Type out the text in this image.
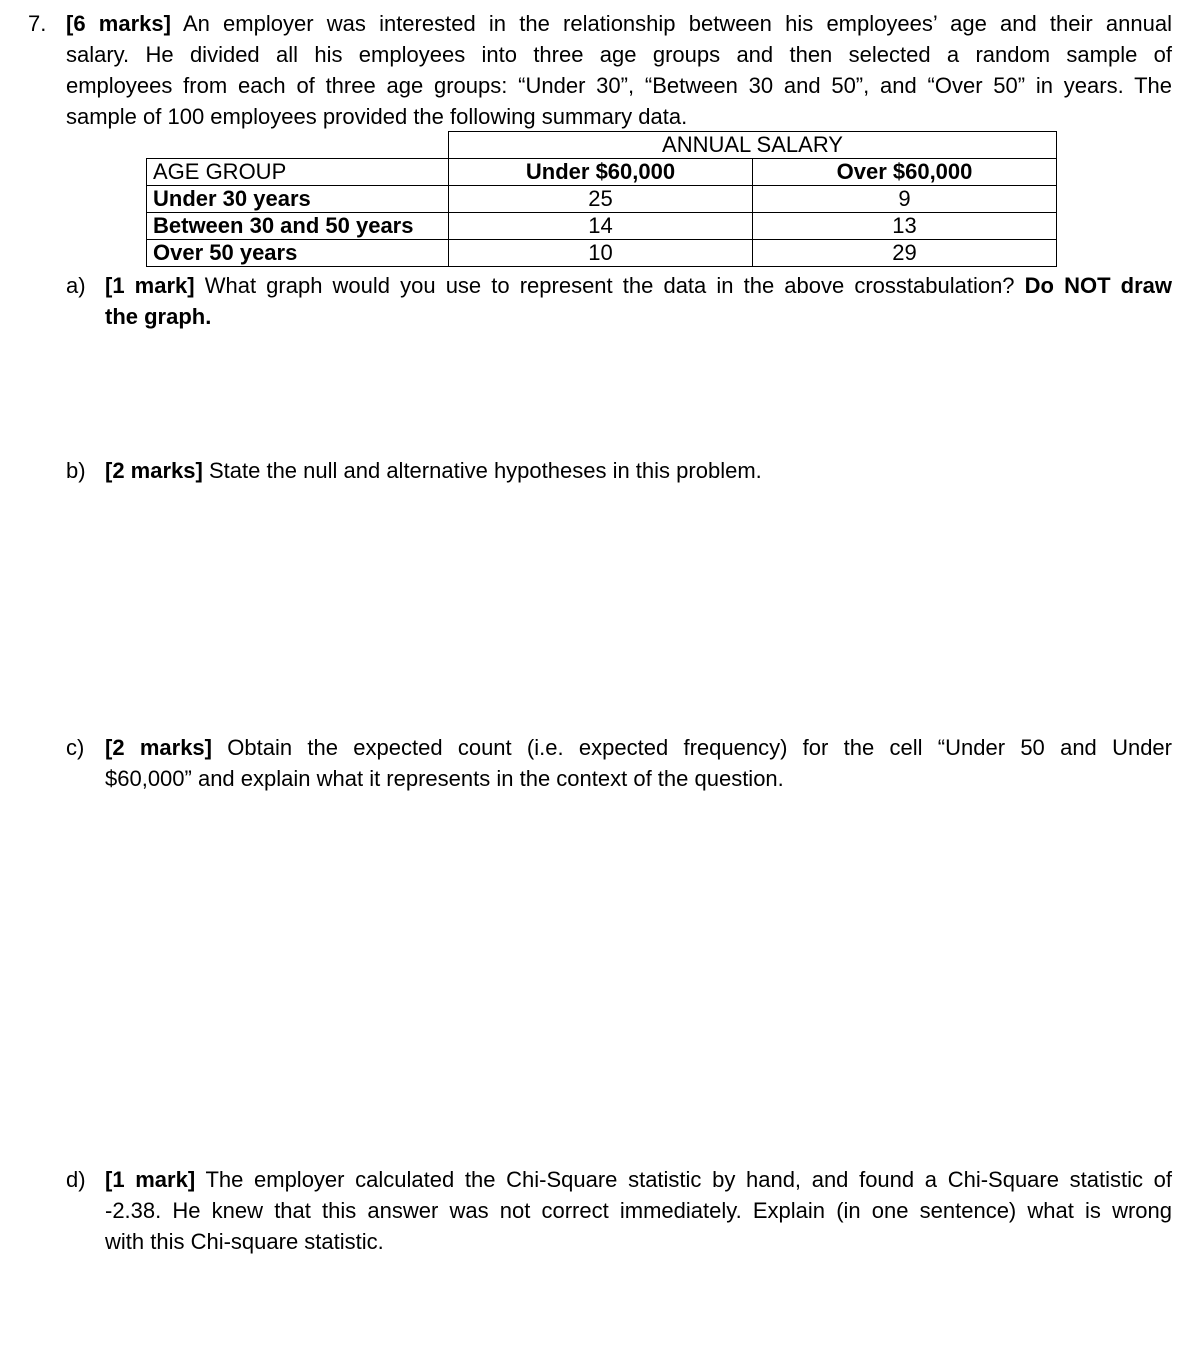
7. [6 marks] An employer was interested in the relationship between his employees’ age and their annual
salary. He divided all his employees into three age groups and then selected a random sample of
employees from each of three age groups: “Under 30”, “Between 30 and 50”, and “Over 50” in years. The
sample of 100 employees provided the following summary data.
	ANNUAL SALARY	
AGE GROUP	Under $60,000	Over $60,000
Under 30 years	25	9
Between 30 and 50 years	14	13
Over 50 years	10	29
a) [1 mark] What graph would you use to represent the data in the above crosstabulation? Do NOT draw
the graph.
b) [2 marks] State the null and alternative hypotheses in this problem.
c) [2 marks] Obtain the expected count (i.e. expected frequency) for the cell “Under 50 and Under
$60,000” and explain what it represents in the context of the question.
d) [1 mark] The employer calculated the Chi-Square statistic by hand, and found a Chi-Square statistic of
-2.38. He knew that this answer was not correct immediately. Explain (in one sentence) what is wrong
with this Chi-square statistic.
